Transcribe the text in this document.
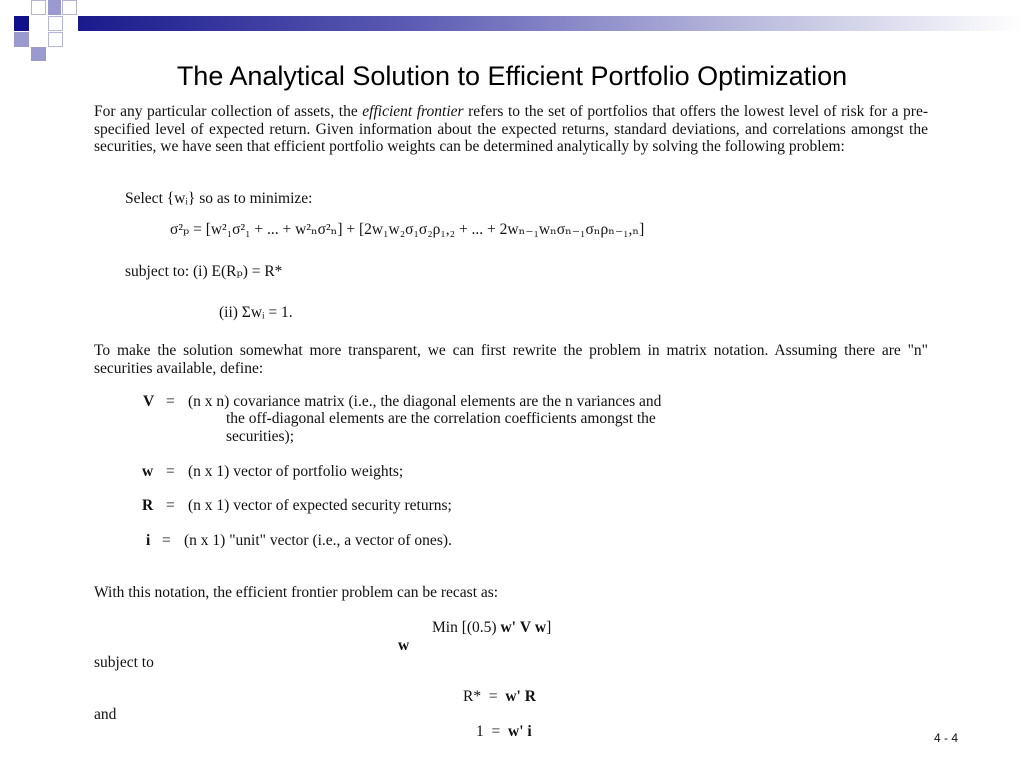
The Analytical Solution to Efficient Portfolio Optimization
For any particular collection of assets, the efficient frontier refers to the set of portfolios that offers the lowest level of risk for a pre-specified level of expected return. Given information about the expected returns, standard deviations, and correlations amongst the securities, we have seen that efficient portfolio weights can be determined analytically by solving the following problem:
Select {wᵢ} so as to minimize:
σ²ₚ = [w²₁σ²₁ + ... + w²ₙσ²ₙ] + [2w₁w₂σ₁σ₂ρ₁,₂ + ... + 2wₙ₋₁wₙσₙ₋₁σₙρₙ₋₁,ₙ]
subject to: (i) E(Rₚ) = R*
(ii) Σwᵢ = 1.
To make the solution somewhat more transparent, we can first rewrite the problem in matrix notation. Assuming there are "n" securities available, define:
V = (n x n) covariance matrix (i.e., the diagonal elements are the n variances and
the off-diagonal elements are the correlation coefficients amongst the
securities);
w = (n x 1) vector of portfolio weights;
R = (n x 1) vector of expected security returns;
i = (n x 1) "unit" vector (i.e., a vector of ones).
With this notation, the efficient frontier problem can be recast as:
Min [(0.5) w' V w]
w
subject to
R*  =  w' R
and
1  =  w' i	4 - 4
